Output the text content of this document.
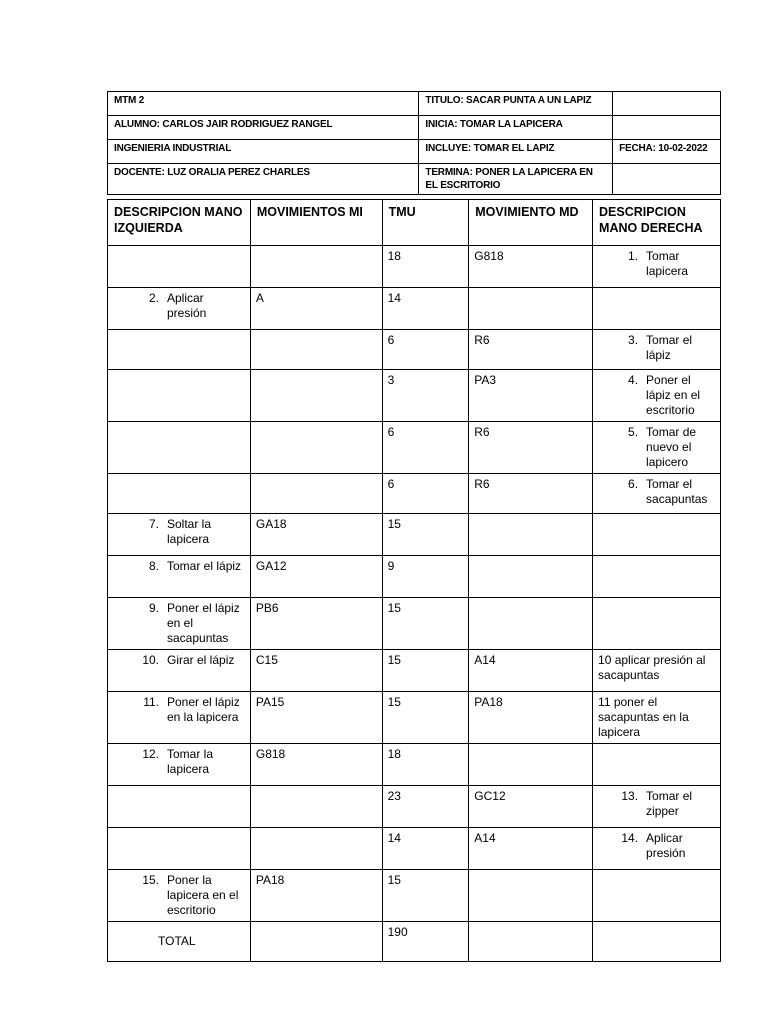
MTM 2	TITULO: SACAR PUNTA A UN LAPIZ	
ALUMNO: CARLOS JAIR RODRIGUEZ RANGEL	INICIA: TOMAR LA LAPICERA	
INGENIERIA INDUSTRIAL	INCLUYE: TOMAR EL LAPIZ	FECHA: 10-02-2022
DOCENTE: LUZ ORALIA PEREZ CHARLES	TERMINA: PONER LA LAPICERA EN EL ESCRITORIO	
DESCRIPCION MANO IZQUIERDA	MOVIMIENTOS MI	TMU	MOVIMIENTO MD	DESCRIPCION MANO DERECHA
		18	G818	1. Tomar lapicera

2. Aplicar presión	A	14		
		6	R6	3. Tomar el lápiz

		3	PA3	4. Poner el lápiz en el escritorio

		6	R6	5. Tomar de nuevo el lapicero

		6	R6	6. Tomar el sacapuntas

7. Soltar la lapicera	GA18	15		

8. Tomar el lápiz	GA12	9		

9. Poner el lápiz en el sacapuntas	PB6	15		

10. Girar el lápiz	C15	15	A14	10 aplicar presión al sacapuntas

11. Poner el lápiz en la lapicera	PA15	15	PA18	11 poner el sacapuntas en la lapicera

12. Tomar la lapicera	G818	18		
		23	GC12	13. Tomar el zipper

		14	A14	14. Aplicar presión

15. Poner la lapicera en el escritorio	PA18	15		
TOTAL		190		
